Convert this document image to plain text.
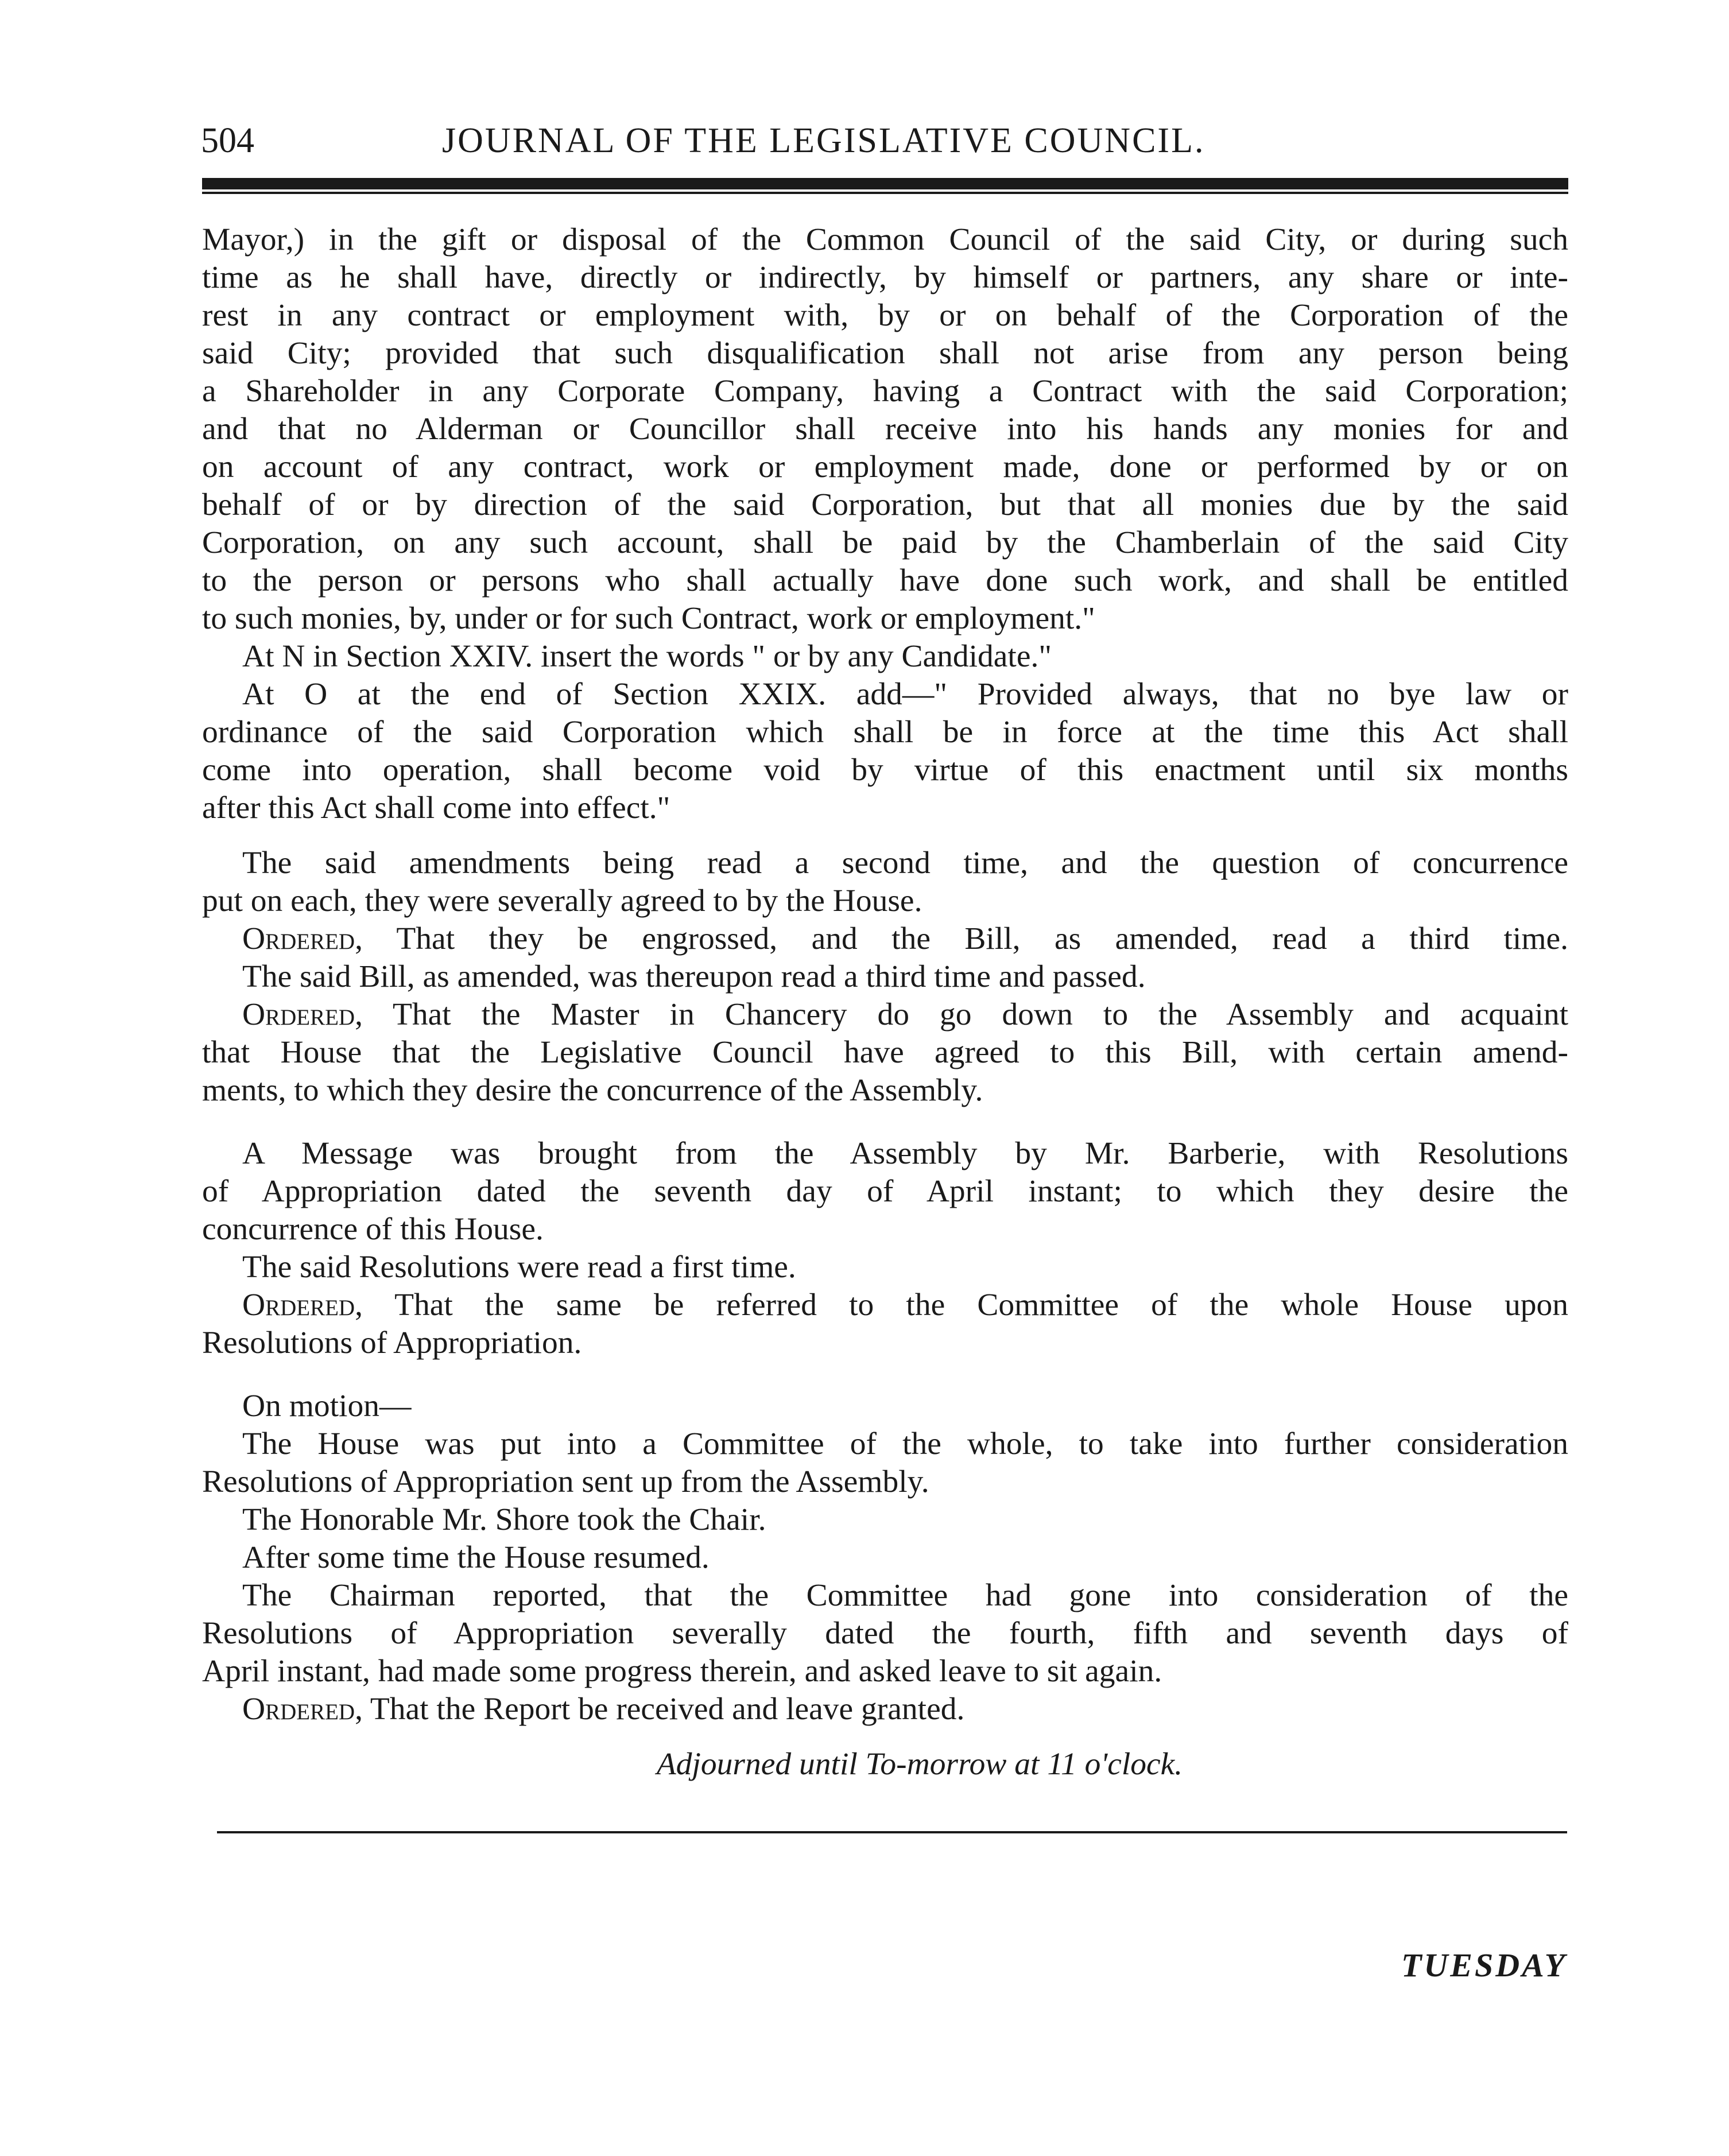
504	JOURNAL OF THE LEGISLATIVE COUNCIL.
Mayor,) in the gift or disposal of the Common Council of the said City, or during such
time as he shall have, directly or indirectly, by himself or partners, any share or inte-
rest in any contract or employment with, by or on behalf of the Corporation of the
said City; provided that such disqualification shall not arise from any person being
a Shareholder in any Corporate Company, having a Contract with the said Corporation;
and that no Alderman or Councillor shall receive into his hands any monies for and
on account of any contract, work or employment made, done or performed by or on
behalf of or by direction of the said Corporation, but that all monies due by the said
Corporation, on any such account, shall be paid by the Chamberlain of the said City
to the person or persons who shall actually have done such work, and shall be entitled
to such monies, by, under or for such Contract, work or employment."
At N in Section XXIV. insert the words " or by any Candidate."
At O at the end of Section XXIX. add—" Provided always, that no bye law or
ordinance of the said Corporation which shall be in force at the time this Act shall
come into operation, shall become void by virtue of this enactment until six months
after this Act shall come into effect."
The said amendments being read a second time, and the question of concurrence
put on each, they were severally agreed to by the House.
Ordered, That they be engrossed, and the Bill, as amended, read a third time.
The said Bill, as amended, was thereupon read a third time and passed.
Ordered, That the Master in Chancery do go down to the Assembly and acquaint
that House that the Legislative Council have agreed to this Bill, with certain amend-
ments, to which they desire the concurrence of the Assembly.
A Message was brought from the Assembly by Mr. Barberie, with Resolutions
of Appropriation dated the seventh day of April instant; to which they desire the
concurrence of this House.
The said Resolutions were read a first time.
Ordered, That the same be referred to the Committee of the whole House upon
Resolutions of Appropriation.
On motion—
The House was put into a Committee of the whole, to take into further consideration
Resolutions of Appropriation sent up from the Assembly.
The Honorable Mr. Shore took the Chair.
After some time the House resumed.
The Chairman reported, that the Committee had gone into consideration of the
Resolutions of Appropriation severally dated the fourth, fifth and seventh days of
April instant, had made some progress therein, and asked leave to sit again.
Ordered, That the Report be received and leave granted.
Adjourned until To-morrow at 11 o'clock.
TUESDAY
